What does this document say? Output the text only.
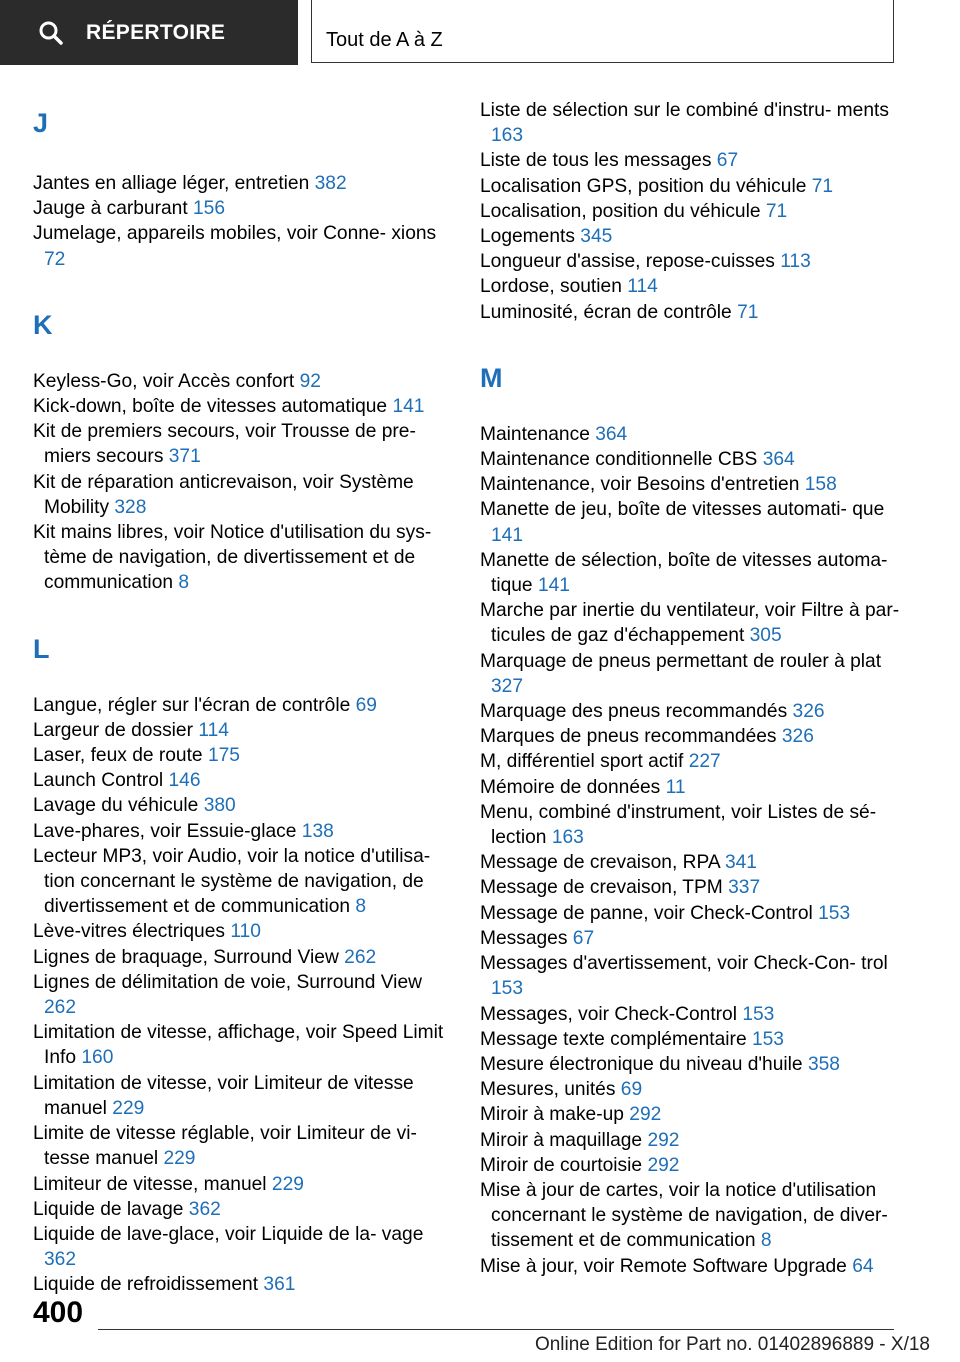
RÉPERTOIRE	Tout de A à Z
J
Jantes en alliage léger, entretien 382
Jauge à carburant 156
Jumelage, appareils mobiles, voir Conne‐ xions 72
K
Keyless-Go, voir Accès confort 92
Kick-down, boîte de vitesses automatique 141
Kit de premiers secours, voir Trousse de pre‐ miers secours 371
Kit de réparation anticrevaison, voir Système Mobility 328
Kit mains libres, voir Notice d'utilisation du sys‐ tème de navigation, de divertissement et de communication 8
L
Langue, régler sur l'écran de contrôle 69
Largeur de dossier 114
Laser, feux de route 175
Launch Control 146
Lavage du véhicule 380
Lave-phares, voir Essuie-glace 138
Lecteur MP3, voir Audio, voir la notice d'utilisa‐ tion concernant le système de navigation, de divertissement et de communication 8
Lève-vitres électriques 110
Lignes de braquage, Surround View 262
Lignes de délimitation de voie, Surround View 262
Limitation de vitesse, affichage, voir Speed Limit Info 160
Limitation de vitesse, voir Limiteur de vitesse manuel 229
Limite de vitesse réglable, voir Limiteur de vi‐ tesse manuel 229
Limiteur de vitesse, manuel 229
Liquide de lavage 362
Liquide de lave-glace, voir Liquide de la‐ vage 362
Liquide de refroidissement 361
Liste de sélection sur le combiné d'instru‐ ments 163
Liste de tous les messages 67
Localisation GPS, position du véhicule 71
Localisation, position du véhicule 71
Logements 345
Longueur d'assise, repose-cuisses 113
Lordose, soutien 114
Luminosité, écran de contrôle 71
M
Maintenance 364
Maintenance conditionnelle CBS 364
Maintenance, voir Besoins d'entretien 158
Manette de jeu, boîte de vitesses automati‐ que 141
Manette de sélection, boîte de vitesses automa‐ tique 141
Marche par inertie du ventilateur, voir Filtre à par‐ ticules de gaz d'échappement 305
Marquage de pneus permettant de rouler à plat 327
Marquage des pneus recommandés 326
Marques de pneus recommandées 326
M, différentiel sport actif 227
Mémoire de données 11
Menu, combiné d'instrument, voir Listes de sé‐ lection 163
Message de crevaison, RPA 341
Message de crevaison, TPM 337
Message de panne, voir Check-Control 153
Messages 67
Messages d'avertissement, voir Check-Con‐ trol 153
Messages, voir Check-Control 153
Message texte complémentaire 153
Mesure électronique du niveau d'huile 358
Mesures, unités 69
Miroir à make-up 292
Miroir à maquillage 292
Miroir de courtoisie 292
Mise à jour de cartes, voir la notice d'utilisation concernant le système de navigation, de diver‐ tissement et de communication 8
Mise à jour, voir Remote Software Upgrade 64
400
Online Edition for Part no. 01402896889 - X/18
